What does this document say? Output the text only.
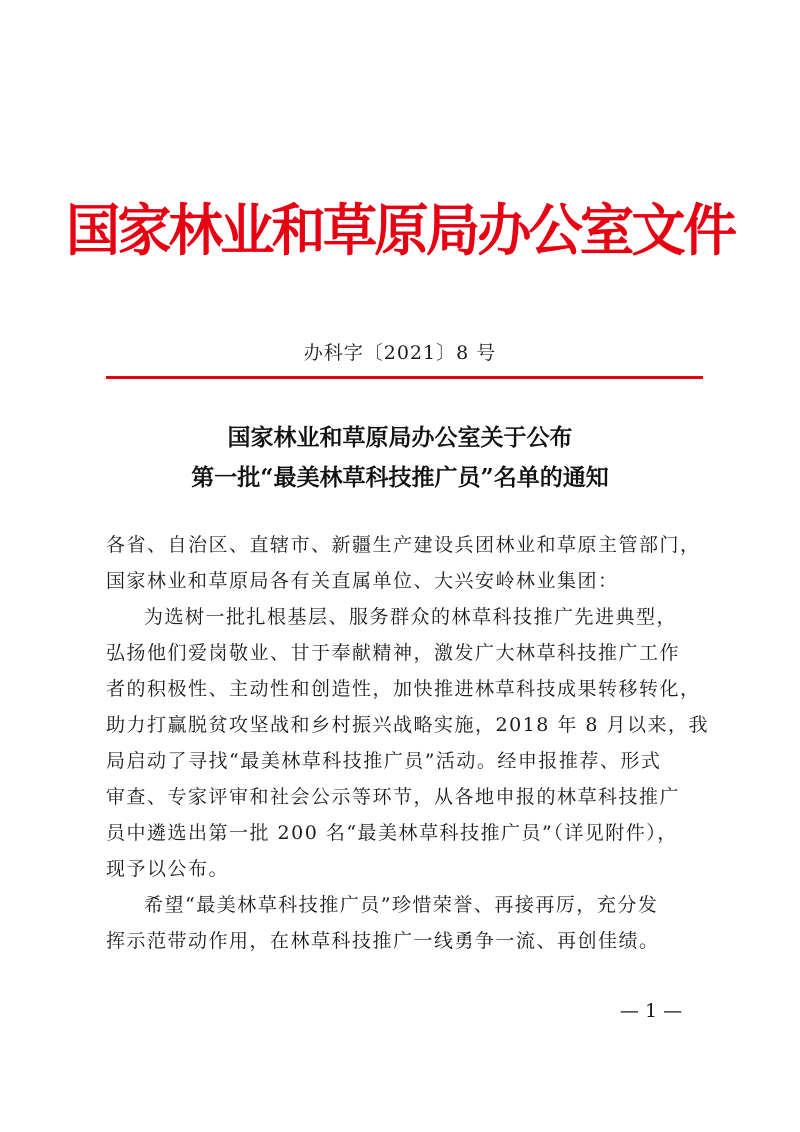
国家林业和草原局办公室文件
办科字〔2021〕8 号
国家林业和草原局办公室关于公布
第一批“最美林草科技推广员”名单的通知
各省、自治区、直辖市、新疆生产建设兵团林业和草原主管部门，
国家林业和草原局各有关直属单位、大兴安岭林业集团：
为选树一批扎根基层、服务群众的林草科技推广先进典型，
弘扬他们爱岗敬业、甘于奉献精神，激发广大林草科技推广工作
者的积极性、主动性和创造性，加快推进林草科技成果转移转化，
助力打赢脱贫攻坚战和乡村振兴战略实施，2018 年 8 月以来，我
局启动了寻找“最美林草科技推广员”活动。经申报推荐、形式
审查、专家评审和社会公示等环节，从各地申报的林草科技推广
员中遴选出第一批 200 名“最美林草科技推广员”（详见附件），
现予以公布。
希望“最美林草科技推广员”珍惜荣誉、再接再厉，充分发
挥示范带动作用，在林草科技推广一线勇争一流、再创佳绩。
— 1 —
